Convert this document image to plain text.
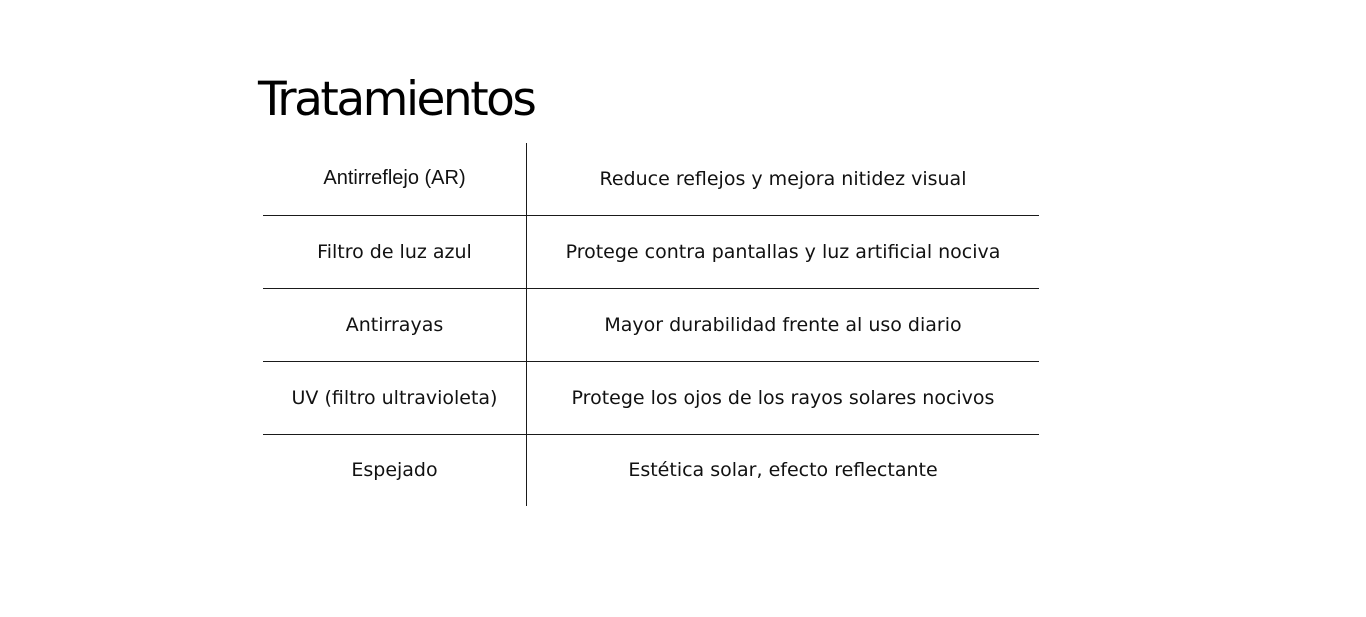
Tratamientos
Antirreflejo (AR)	Reduce reflejos y mejora nitidez visual
Filtro de luz azul	Protege contra pantallas y luz artificial nociva
Antirrayas	Mayor durabilidad frente al uso diario
UV (filtro ultravioleta)	Protege los ojos de los rayos solares nocivos
Espejado	Estética solar, efecto reflectante
